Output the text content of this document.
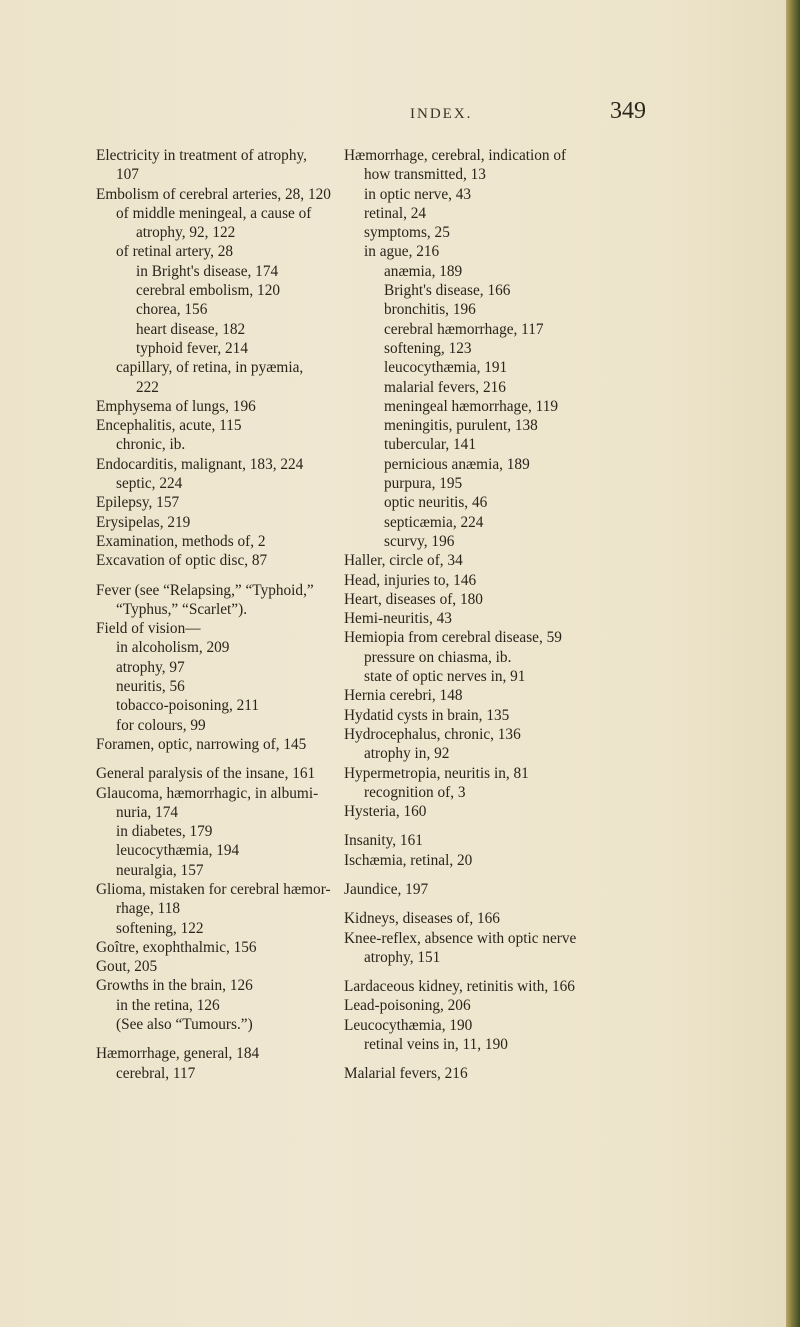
INDEX.	349
Electricity in treatment of atrophy,
107
Embolism of cerebral arteries, 28, 120
of middle meningeal, a cause of
atrophy, 92, 122
of retinal artery, 28
in Bright's disease, 174
cerebral embolism, 120
chorea, 156
heart disease, 182
typhoid fever, 214
capillary, of retina, in pyæmia,
222
Emphysema of lungs, 196
Encephalitis, acute, 115
chronic, ib.
Endocarditis, malignant, 183, 224
septic, 224
Epilepsy, 157
Erysipelas, 219
Examination, methods of, 2
Excavation of optic disc, 87
Fever (see “Relapsing,” “Typhoid,”
“Typhus,” “Scarlet”).
Field of vision—
in alcoholism, 209
atrophy, 97
neuritis, 56
tobacco-poisoning, 211
for colours, 99
Foramen, optic, narrowing of, 145
General paralysis of the insane, 161
Glaucoma, hæmorrhagic, in albumi-
nuria, 174
in diabetes, 179
leucocythæmia, 194
neuralgia, 157
Glioma, mistaken for cerebral hæmor-
rhage, 118
softening, 122
Goître, exophthalmic, 156
Gout, 205
Growths in the brain, 126
in the retina, 126
(See also “Tumours.”)
Hæmorrhage, general, 184
cerebral, 117
Hæmorrhage, cerebral, indication of
how transmitted, 13
in optic nerve, 43
retinal, 24
symptoms, 25
in ague, 216
anæmia, 189
Bright's disease, 166
bronchitis, 196
cerebral hæmorrhage, 117
softening, 123
leucocythæmia, 191
malarial fevers, 216
meningeal hæmorrhage, 119
meningitis, purulent, 138
tubercular, 141
pernicious anæmia, 189
purpura, 195
optic neuritis, 46
septicæmia, 224
scurvy, 196
Haller, circle of, 34
Head, injuries to, 146
Heart, diseases of, 180
Hemi-neuritis, 43
Hemiopia from cerebral disease, 59
pressure on chiasma, ib.
state of optic nerves in, 91
Hernia cerebri, 148
Hydatid cysts in brain, 135
Hydrocephalus, chronic, 136
atrophy in, 92
Hypermetropia, neuritis in, 81
recognition of, 3
Hysteria, 160
Insanity, 161
Ischæmia, retinal, 20
Jaundice, 197
Kidneys, diseases of, 166
Knee-reflex, absence with optic nerve
atrophy, 151
Lardaceous kidney, retinitis with, 166
Lead-poisoning, 206
Leucocythæmia, 190
retinal veins in, 11, 190
Malarial fevers, 216
